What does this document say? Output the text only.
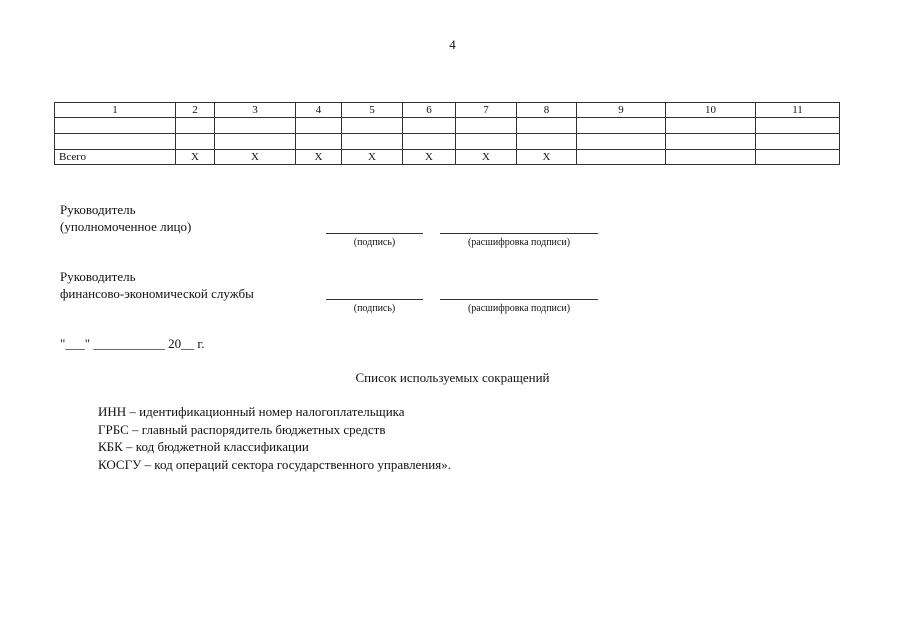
4
1	2	3	4	5	6	7	8	9	10	11

Всего	Х	Х	Х	Х	Х	Х	Х			
Руководитель
(уполномоченное лицо)
(подпись)	(расшифровка подписи)
Руководитель
финансово-экономической службы
(подпись)	(расшифровка подписи)
"___" ___________ 20__ г.
Список используемых сокращений
ИНН – идентификационный номер налогоплательщика
ГРБС – главный распорядитель бюджетных средств
КБК – код бюджетной классификации
КОСГУ – код операций сектора государственного управления».
